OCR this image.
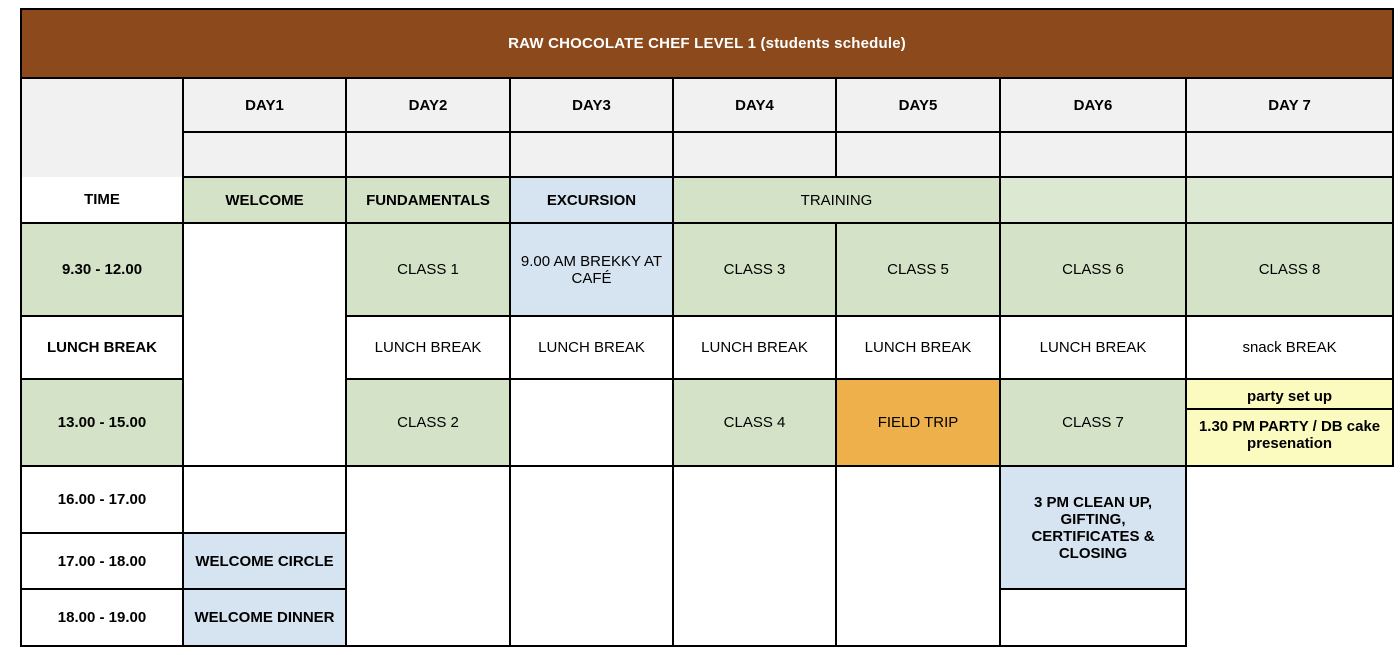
RAW CHOCOLATE CHEF LEVEL 1 (students schedule)							
	DAY1	DAY2	DAY3	DAY4	DAY5	DAY6	DAY 7

TIME	WELCOME	FUNDAMENTALS	EXCURSION	TRAINING			
9.30 - 12.00		CLASS 1	9.00 AM BREKKY AT CAFÉ	CLASS 3	CLASS 5	CLASS 6	CLASS 8
LUNCH BREAK		LUNCH BREAK	LUNCH BREAK	LUNCH BREAK	LUNCH BREAK	LUNCH BREAK	snack BREAK
13.00 - 15.00		CLASS 2		CLASS 4	FIELD TRIP	CLASS 7	party set up
1.30 PM PARTY / DB cake presenation

16.00 - 17.00						3 PM CLEAN UP, GIFTING, CERTIFICATES & CLOSING	
17.00 - 18.00	WELCOME CIRCLE						
18.00 - 19.00	WELCOME DINNER						
